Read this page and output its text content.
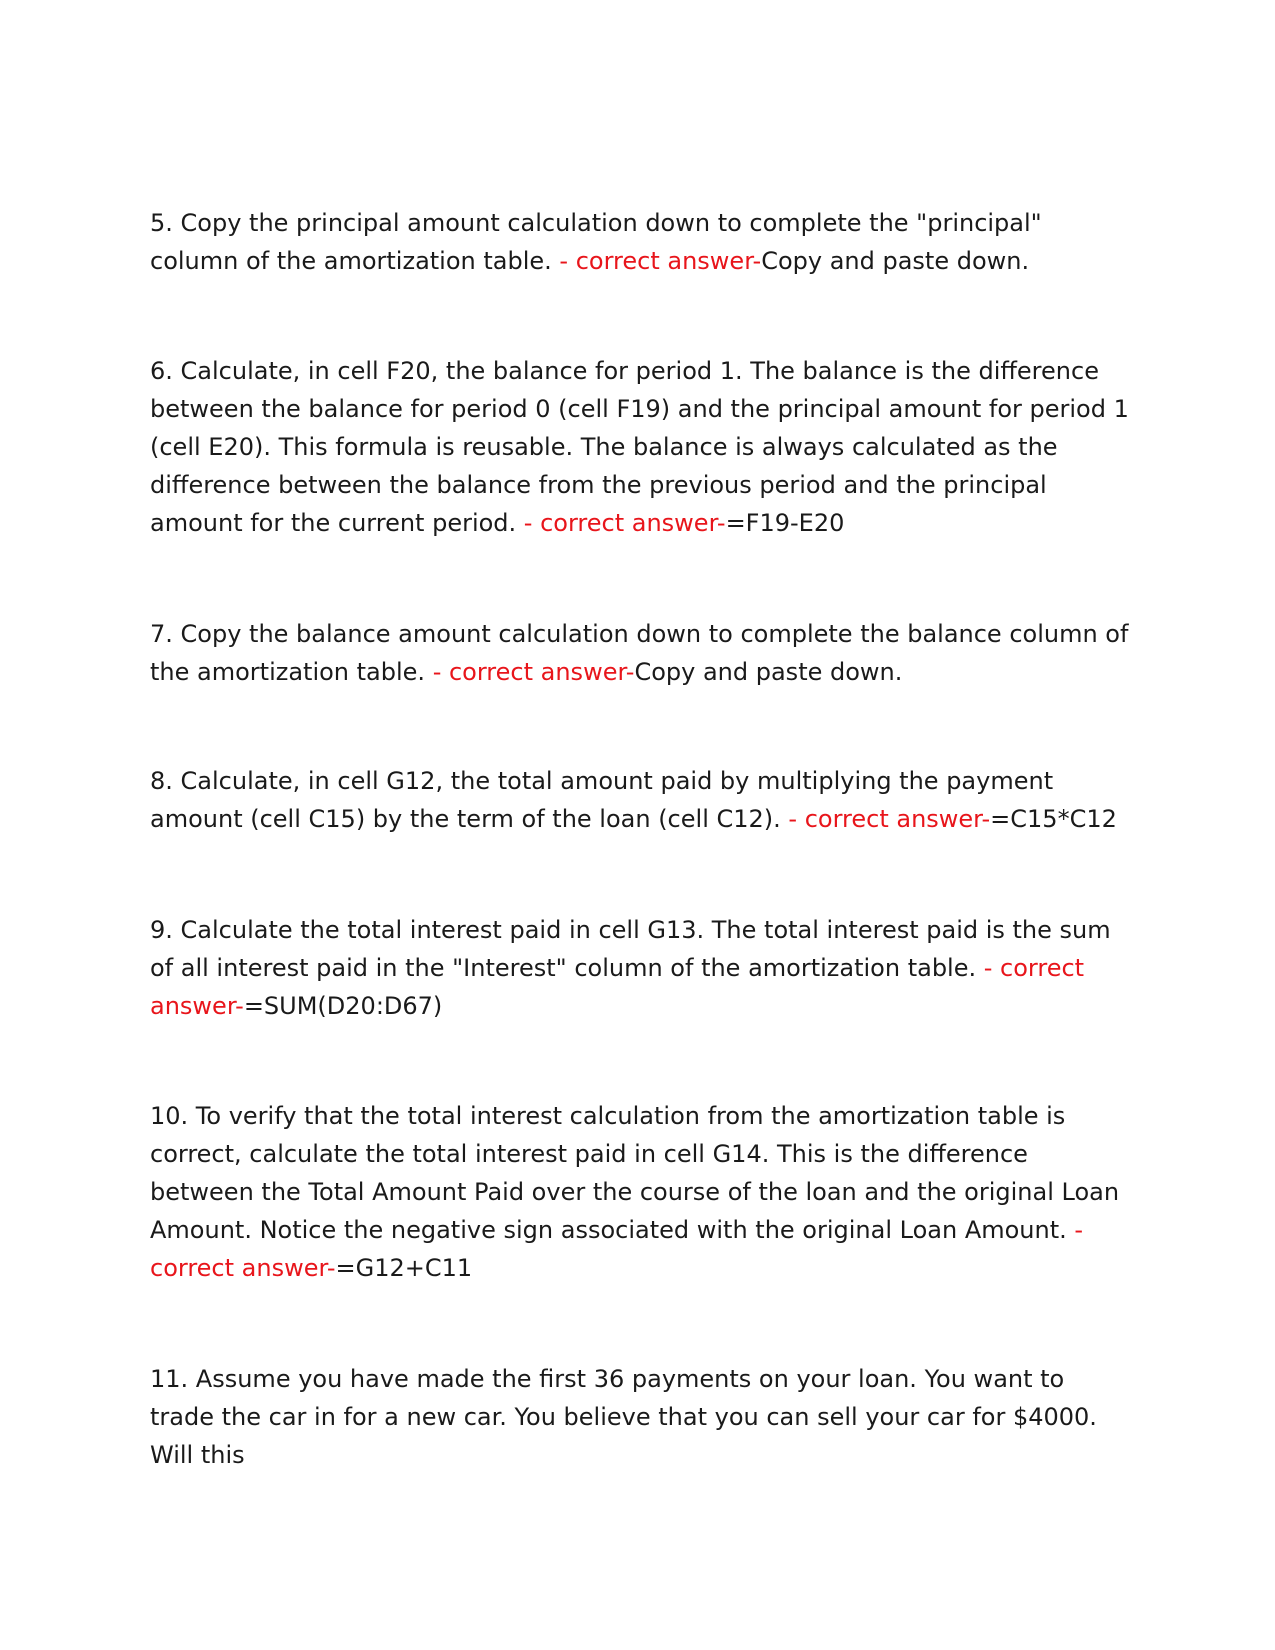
5. Copy the principal amount calculation down to complete the "principal" column of the amortization table. - correct answer-Copy and paste down.

6. Calculate, in cell F20, the balance for period 1. The balance is the difference between the balance for period 0 (cell F19) and the principal amount for period 1 (cell E20). This formula is reusable. The balance is always calculated as the difference between the balance from the previous period and the principal amount for the current period. - correct answer-=F19-E20

7. Copy the balance amount calculation down to complete the balance column of the amortization table. - correct answer-Copy and paste down.

8. Calculate, in cell G12, the total amount paid by multiplying the payment amount (cell C15) by the term of the loan (cell C12). - correct answer-=C15*C12

9. Calculate the total interest paid in cell G13. The total interest paid is the sum of all interest paid in the "Interest" column of the amortization table. - correct answer-=SUM(D20:D67)

10. To verify that the total interest calculation from the amortization table is correct, calculate the total interest paid in cell G14. This is the difference between the Total Amount Paid over the course of the loan and the original Loan Amount. Notice the negative sign associated with the original Loan Amount. - correct answer-=G12+C11

11. Assume you have made the first 36 payments on your loan. You want to trade the car in for a new car. You believe that you can sell your car for $4000. Will this
